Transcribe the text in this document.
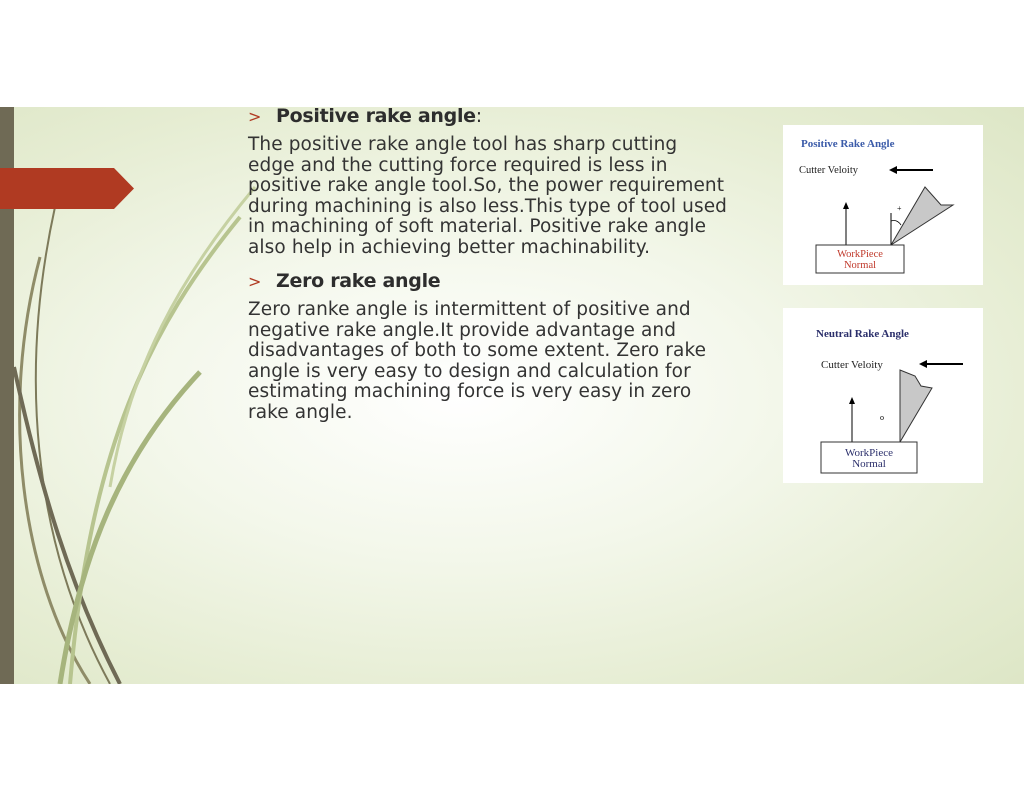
> Positive rake angle :

The positive rake angle tool has sharp cutting edge and the cutting force required is less in positive rake angle tool.So, the power requirement during machining is also less.This type of tool used in machining of soft material. Positive rake angle also help in achieving better machinability.

> Zero rake angle

Zero ranke angle is intermittent of positive and negative rake angle.It provide advantage and disadvantages of both to some extent. Zero rake angle is very easy to design and calculation for estimating machining force is very easy in zero rake angle.

Positive Rake Angle
Cutter Veloity
+
WorkPiece
Normal
Neutral Rake Angle
Cutter Veloity
o
WorkPiece
Normal
